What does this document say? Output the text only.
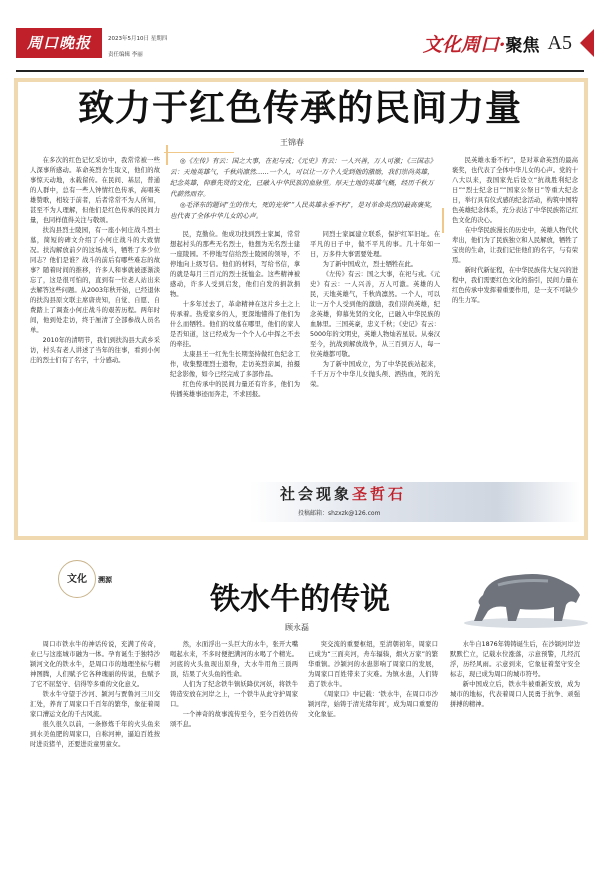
周口晚报	2023年5月10日 星期四
责任编辑 李丽	文化周口·聚焦 A5
致力于红色传承的民间力量
王锦春

在多次的红色记忆采访中，我常常被一些人深事所感动。革命英烈舍生取义，他们的故事惊天动地，永载留传。在民间、基层，普通的人群中，总有一些人钟情红色传承，高唱英雄赞歌，相较于前者，后者常常不为人所知，甚至不为人理解，但他们是红色传承的民间力量，也同样值得关注与敬颂。

扶沟县烈士陵园，有一座小何庄战斗烈士墓，简短的碑文介绍了小何庄战斗的大致情况。扶沟解放前夕的这场战斗，牺牲了多少位同志？他们是谁？战斗的前后有哪些难忘的故事？随着时间的推移，许多人和事就被逐渐淡忘了，这是很可怕的，直到有一位老人站出来去解答这些问题。从2003年秋开始，已经退休的扶沟县原文联主席唐贵知，自觉、自愿、自费踏上了调查小何庄战斗的艰苦历程。两年时间，他到处走访，终于厘清了全部参战人员名单。

2010年的清明节，我们到扶沟县大武乡采访，村头有老人讲述了当年的往事，看到小何庄的烈士们有了名字，十分感动。

◎《左传》有云：国之大事，在祀与戎；《元史》有云：一人兴善，万人可激；《三国志》云：天地英雄气，千秋尚凛然……一个人，可以让一万个人受到他的激励，我们崇尚英雄，纪念英雄，仰慕先贤的文化，已融入中华民族的血脉里。厚天土地的英雄气概，经历千秋万代薪然而存。

◎毛泽东的题词“生的伟大，死的光荣”“人民英雄永垂不朽”，是对革命英烈的最高褒奖，也代表了全体中华儿女的心声。

民，克勤俭。他成功找到烈士家属，常常想起村头的那些无名烈士，他想为无名烈士建一座陵园。不停地写信给烈士陵园的领导，不停地向上级写信。他们的材料，写给书信，拿的就是每月三百元的烈士抚恤金。这些精神被感动，许多人受到启发，他们自发的捐款捐物。

十多年过去了，革命精神在这片乡土之上传承着。热爱家乡的人，更深地懂得了他们为什么而牺牲。他们的坟墓在哪里，他们的家人是否知道，这已经成为一个个人心中挥之不去的牵挂。

太康县王一红先生长期坚持做红色纪念工作，收集整理烈士遗物，走访英烈亲属，拍摄纪念影像，如今已经完成了多部作品。

红色传承中的民间力量还有许多，他们为传播英雄事迹而奔走，不求回报。

同烈士家属建立联系，保护红军旧址。在平凡的日子中，做不平凡的事。几十年如一日，万多件大事需要处理。

为了新中国成立，烈士牺牲在此。

《左传》有云：国之大事，在祀与戎。《元史》有云：一人兴善，万人可激。英雄的人民，天地英雄气，千秋尚凛然。一个人，可以让一万个人受到他的激励，我们崇尚英雄，纪念英雄，仰慕先贤的文化，已融入中华民族的血脉里。三国英豪，忠义千秋；《史记》有云：5000年的文明史，英雄人物灿若星辰。从秦汉至今，抗战到解放战争，从三百到万人，每一位英雄都可敬。

为了新中国成立，为了中华民族站起来，千千万万个中华儿女抛头颅、洒热血，死的光荣。

民英雄永垂不朽”，是对革命英烈的最高褒奖，也代表了全体中华儿女的心声。党的十八大以来，我国家先后设立“抗战胜利纪念日”“烈士纪念日”“国家公祭日”等重大纪念日，举行具有仪式感的纪念活动，构筑中国特色英雄纪念体系，充分表达了中华民族铭记红色文化的决心。

在中华民族漫长的历史中，英雄人物代代辈出，他们为了民族独立和人民解放，牺牲了宝贵的生命，让我们记住他们的名字，与有荣焉。

新时代新征程，在中华民族伟大复兴的进程中，我们需要红色文化的指引，民间力量在红色传承中发挥着重要作用，是一支不可缺少的生力军。

社会现象圣哲石
投稿邮箱：shzxzk@126.com
文化	溯源
铁水牛的传说
顾永磊

周口市铁水牛的神话传说，充满了传奇，业已与这座城市融为一体。孕育诞生于独特沙颍河文化的铁水牛，是周口市的地理坐标与精神图腾，人们赋予它各种瑰丽的传说，也赋予了它不屈坚守、信得等多重的文化意义。

铁水牛守望于沙河、颍河与贾鲁河三川交汇处，养育了周家口千百年的繁华，象征着周家口漕运文化的千古风流。

很久很久以前，一条修炼千年的火头鱼来到水美鱼肥的周家口，自称河神，逼迫百姓按时进贡猪羊，还要进贡童男童女。

然，水面浮出一头巨大的水牛，张开大嘴喝起水来，不多时便把满河的水喝了个精光。河底的火头鱼现出原身，大水牛用角三顶两顶，结果了火头鱼的性命。

人们为了纪念铁牛镇妖降伏河妖，将铁牛铸造安放在河岸之上，一个铁牛从此守护周家口。

一个神奇的故事流传至今，至今百姓仍传颂不息。

突交流的重要枢纽，至清朝初年，周家口已成为“三面夹河，舟车辐辏，烟火万家”的繁华重镇。沙颍河的水患影响了周家口的发展，为周家口百姓带来了灾难。为镇水患，人们铸造了铁水牛。

《周家口》中记载：‘铁水牛，在周口市沙颍河岸，始铸于清光绪年间’，成为周口重要的文化象征。

水牛自1876年铸铸诞生后，在沙颍河岸边默默伫立，记载水位涨落，示意预警，几经沉浮，历经风雨。示意到来，它象征着坚守安全标志，现已成为周口的城市符号。

新中国成立后，铁水牛被重新安放，成为城市的地标，代表着周口人民勇于抗争、顽强拼搏的精神。
